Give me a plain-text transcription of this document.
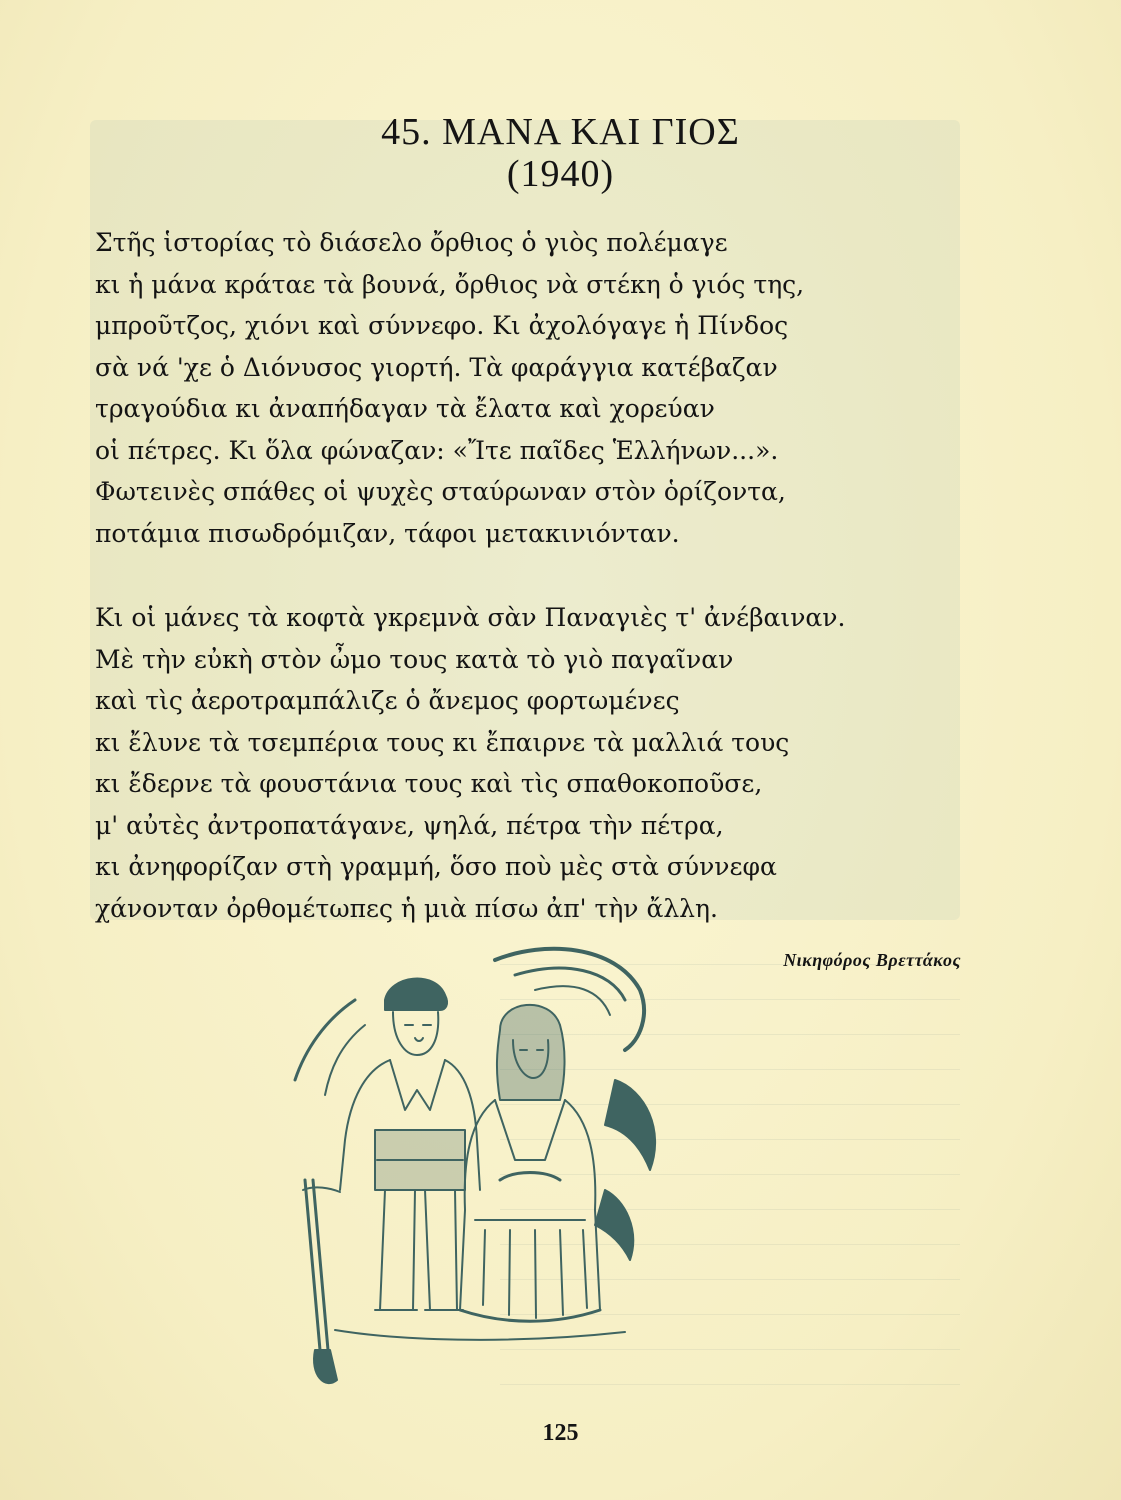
45. ΜΑΝΑ ΚΑΙ ΓΙΟΣ
(1940)
Στῆς ἱστορίας τὸ διάσελο ὄρθιος ὁ γιὸς πολέμαγε
κι ἡ μάνα κράταε τὰ βουνά, ὄρθιος νὰ στέκη ὁ γιός της,
μπροῦτζος, χιόνι καὶ σύννεφο. Κι ἀχολόγαγε ἡ Πίνδος
σὰ νά 'χε ὁ Διόνυσος γιορτή. Τὰ φαράγγια κατέβαζαν
τραγούδια κι ἀναπήδαγαν τὰ ἔλατα καὶ χορεύαν
οἱ πέτρες. Κι ὅλα φώναζαν: «Ἴτε παῖδες Ἑλλήνων...».
Φωτεινὲς σπάθες οἱ ψυχὲς σταύρωναν στὸν ὁρίζοντα,
ποτάμια πισωδρόμιζαν, τάφοι μετακινιόνταν.
Κι οἱ μάνες τὰ κοφτὰ γκρεμνὰ σὰν Παναγιὲς τ' ἀνέβαιναν.
Μὲ τὴν εὐκὴ στὸν ὦμο τους κατὰ τὸ γιὸ παγαῖναν
καὶ τὶς ἀεροτραμπάλιζε ὁ ἄνεμος φορτωμένες
κι ἔλυνε τὰ τσεμπέρια τους κι ἔπαιρνε τὰ μαλλιά τους
κι ἔδερνε τὰ φουστάνια τους καὶ τὶς σπαθοκοποῦσε,
μ' αὐτὲς ἀντροπατάγανε, ψηλά, πέτρα τὴν πέτρα,
κι ἀνηφορίζαν στὴ γραμμή, ὅσο ποὺ μὲς στὰ σύννεφα
χάνονταν ὀρθομέτωπες ἡ μιὰ πίσω ἀπ' τὴν ἄλλη.
Νικηφόρος Βρεττάκος
125
